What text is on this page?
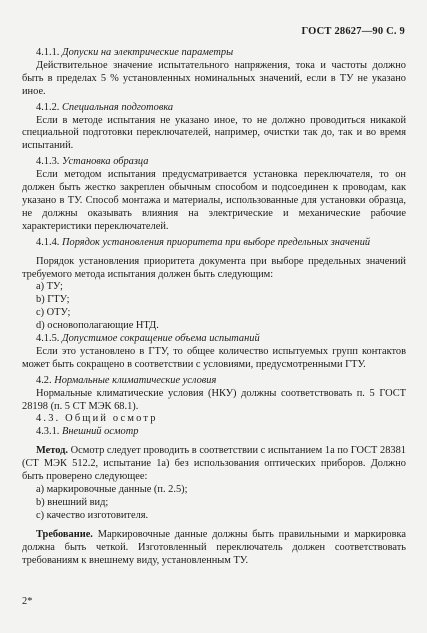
ГОСТ 28627—90 С. 9

4.1.1. Допуски на электрические параметры

Действительное значение испытательного напряжения, тока и частоты должно быть в пределах 5 % установленных номинальных значений, если в ТУ не указано иное.

4.1.2. Специальная подготовка

Если в методе испытания не указано иное, то не должно проводиться никакой специальной подготовки переключателей, например, очистки так до, так и во время испытаний.

4.1.3. Установка образца

Если методом испытания предусматривается установка переключателя, то он должен быть жестко закреплен обычным способом и подсоединен к проводам, как указано в ТУ. Способ монтажа и материалы, использованные для установки образца, не должны оказывать влияния на электрические и механические рабочие характеристики переключателей.

4.1.4. Порядок установления приоритета при выборе предельных значений

Порядок установления приоритета документа при выборе предельных значений требуемого метода испытания должен быть следующим:

a) ТУ;

b) ГТУ;

c) ОТУ;

d) основополагающие НТД.

4.1.5. Допустимое сокращение объема испытаний

Если это установлено в ГТУ, то общее количество испытуемых групп контактов может быть сокращено в соответствии с условиями, предусмотренными ГТУ.

4.2. Нормальные климатические условия

Нормальные климатические условия (НКУ) должны соответствовать п. 5 ГОСТ 28198 (п. 5 СТ МЭК 68.1).

4.3. Общий осмотр

4.3.1. Внешний осмотр

Метод. Осмотр следует проводить в соответствии с испытанием 1а по ГОСТ 28381 (СТ МЭК 512.2, испытание 1а) без использования оптических приборов. Должно быть проверено следующее:

a) маркировочные данные (п. 2.5);

b) внешний вид;

c) качество изготовителя.

Требование. Маркировочные данные должны быть правильными и маркировка должна быть четкой. Изготовленный переключатель должен соответствовать требованиям к внешнему виду, установленным ТУ.

2*
